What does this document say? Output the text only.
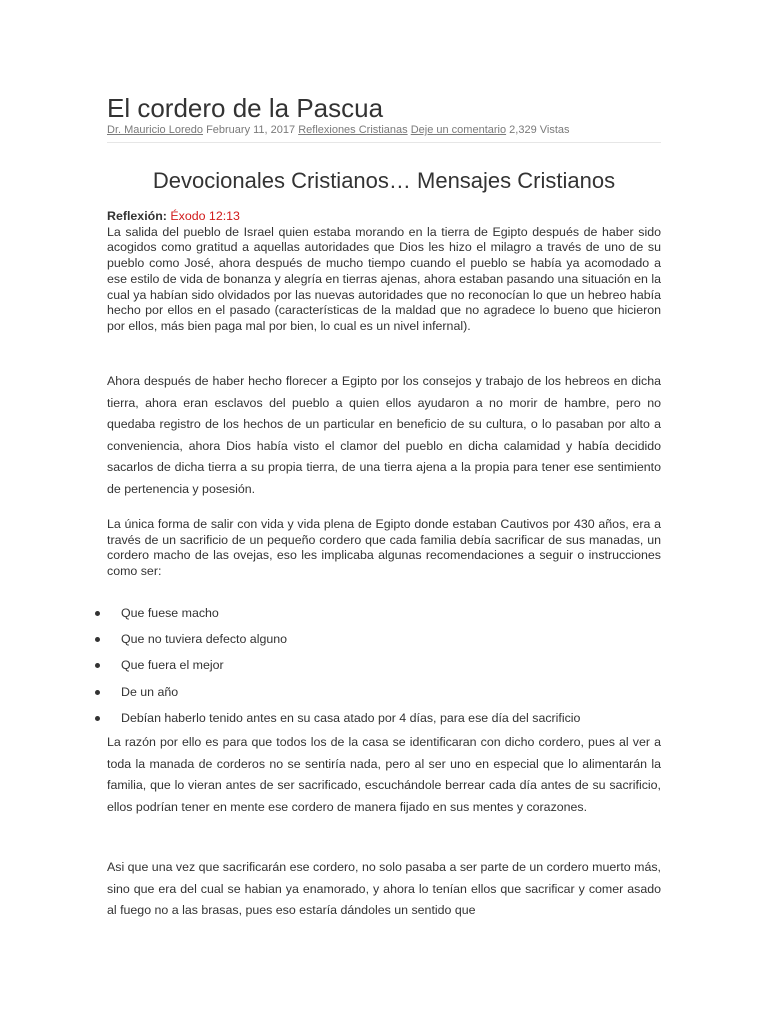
El cordero de la Pascua
Dr. Mauricio Loredo February 11, 2017 Reflexiones Cristianas Deje un comentario 2,329 Vistas
Devocionales Cristianos… Mensajes Cristianos

Reflexión: Éxodo 12:13
La salida del pueblo de Israel quien estaba morando en la tierra de Egipto después de haber sido acogidos como gratitud a aquellas autoridades que Dios les hizo el milagro a través de uno de su pueblo como José, ahora después de mucho tiempo cuando el pueblo se había ya acomodado a ese estilo de vida de bonanza y alegría en tierras ajenas, ahora estaban pasando una situación en la cual ya habían sido olvidados por las nuevas autoridades que no reconocían lo que un hebreo había hecho por ellos en el pasado (características de la maldad que no agradece lo bueno que hicieron por ellos, más bien paga mal por bien, lo cual es un nivel infernal).

Ahora después de haber hecho florecer a Egipto por los consejos y trabajo de los hebreos en dicha tierra, ahora eran esclavos del pueblo a quien ellos ayudaron a no morir de hambre, pero no quedaba registro de los hechos de un particular en beneficio de su cultura, o lo pasaban por alto a conveniencia, ahora Dios había visto el clamor del pueblo en dicha calamidad y había decidido sacarlos de dicha tierra a su propia tierra, de una tierra ajena a la propia para tener ese sentimiento de pertenencia y posesión.

La única forma de salir con vida y vida plena de Egipto donde estaban Cautivos por 430 años, era a través de un sacrificio de un pequeño cordero que cada familia debía sacrificar de sus manadas, un cordero macho de las ovejas, eso les implicaba algunas recomendaciones a seguir o instrucciones como ser:

Que fuese macho
Que no tuviera defecto alguno
Que fuera el mejor
De un año
Debían haberlo tenido antes en su casa atado por 4 días, para ese día del sacrificio

La razón por ello es para que todos los de la casa se identificaran con dicho cordero, pues al ver a toda la manada de corderos no se sentiría nada, pero al ser uno en especial que lo alimentarán la familia, que lo vieran antes de ser sacrificado, escuchándole berrear cada día antes de su sacrificio, ellos podrían tener en mente ese cordero de manera fijado en sus mentes y corazones.

Asi que una vez que sacrificarán ese cordero, no solo pasaba a ser parte de un cordero muerto más, sino que era del cual se habian ya enamorado, y ahora lo tenían ellos que sacrificar y comer asado al fuego no a las brasas, pues eso estaría dándoles un sentido que
